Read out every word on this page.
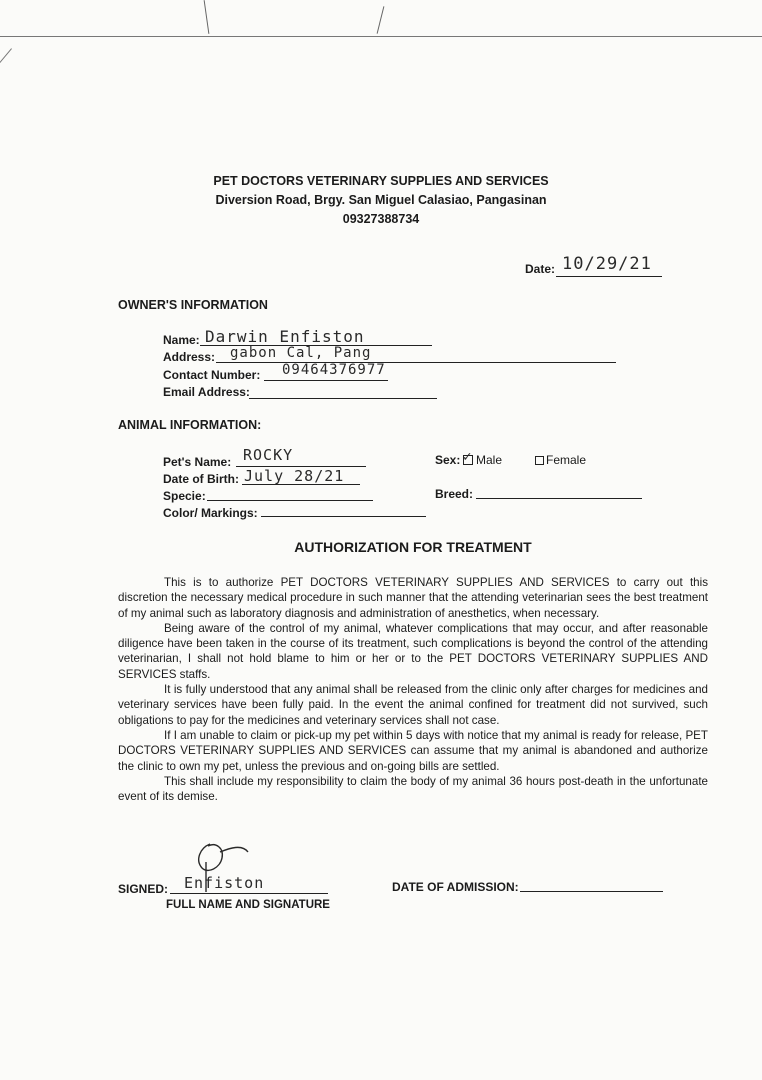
PET DOCTORS VETERINARY SUPPLIES AND SERVICES
Diversion Road, Brgy. San Miguel Calasiao, Pangasinan
09327388734
Date: 10/29/21
OWNER'S INFORMATION
Name: Darwin Enfiston
Address: gabon Cal, Pang
Contact Number: 09464376977
Email Address:
ANIMAL INFORMATION:
Pet's Name: ROCKY
Date of Birth: July 28/21
Specie:
Color/ Markings:
Sex: ✓ Male	Female
Breed:
AUTHORIZATION FOR TREATMENT

This is to authorize PET DOCTORS VETERINARY SUPPLIES AND SERVICES to carry out this discretion the necessary medical procedure in such manner that the attending veterinarian sees the best treatment of my animal such as laboratory diagnosis and administration of anesthetics, when necessary.

Being aware of the control of my animal, whatever complications that may occur, and after reasonable diligence have been taken in the course of its treatment, such complications is beyond the control of the attending veterinarian, I shall not hold blame to him or her or to the PET DOCTORS VETERINARY SUPPLIES AND SERVICES staffs.

It is fully understood that any animal shall be released from the clinic only after charges for medicines and veterinary services have been fully paid. In the event the animal confined for treatment did not survived, such obligations to pay for the medicines and veterinary services shall not case.

If I am unable to claim or pick-up my pet within 5 days with notice that my animal is ready for release, PET DOCTORS VETERINARY SUPPLIES AND SERVICES can assume that my animal is abandoned and authorize the clinic to own my pet, unless the previous and on-going bills are settled.

This shall include my responsibility to claim the body of my animal 36 hours post-death in the unfortunate event of its demise.

SIGNED: Enfiston
FULL NAME AND SIGNATURE
DATE OF ADMISSION:
